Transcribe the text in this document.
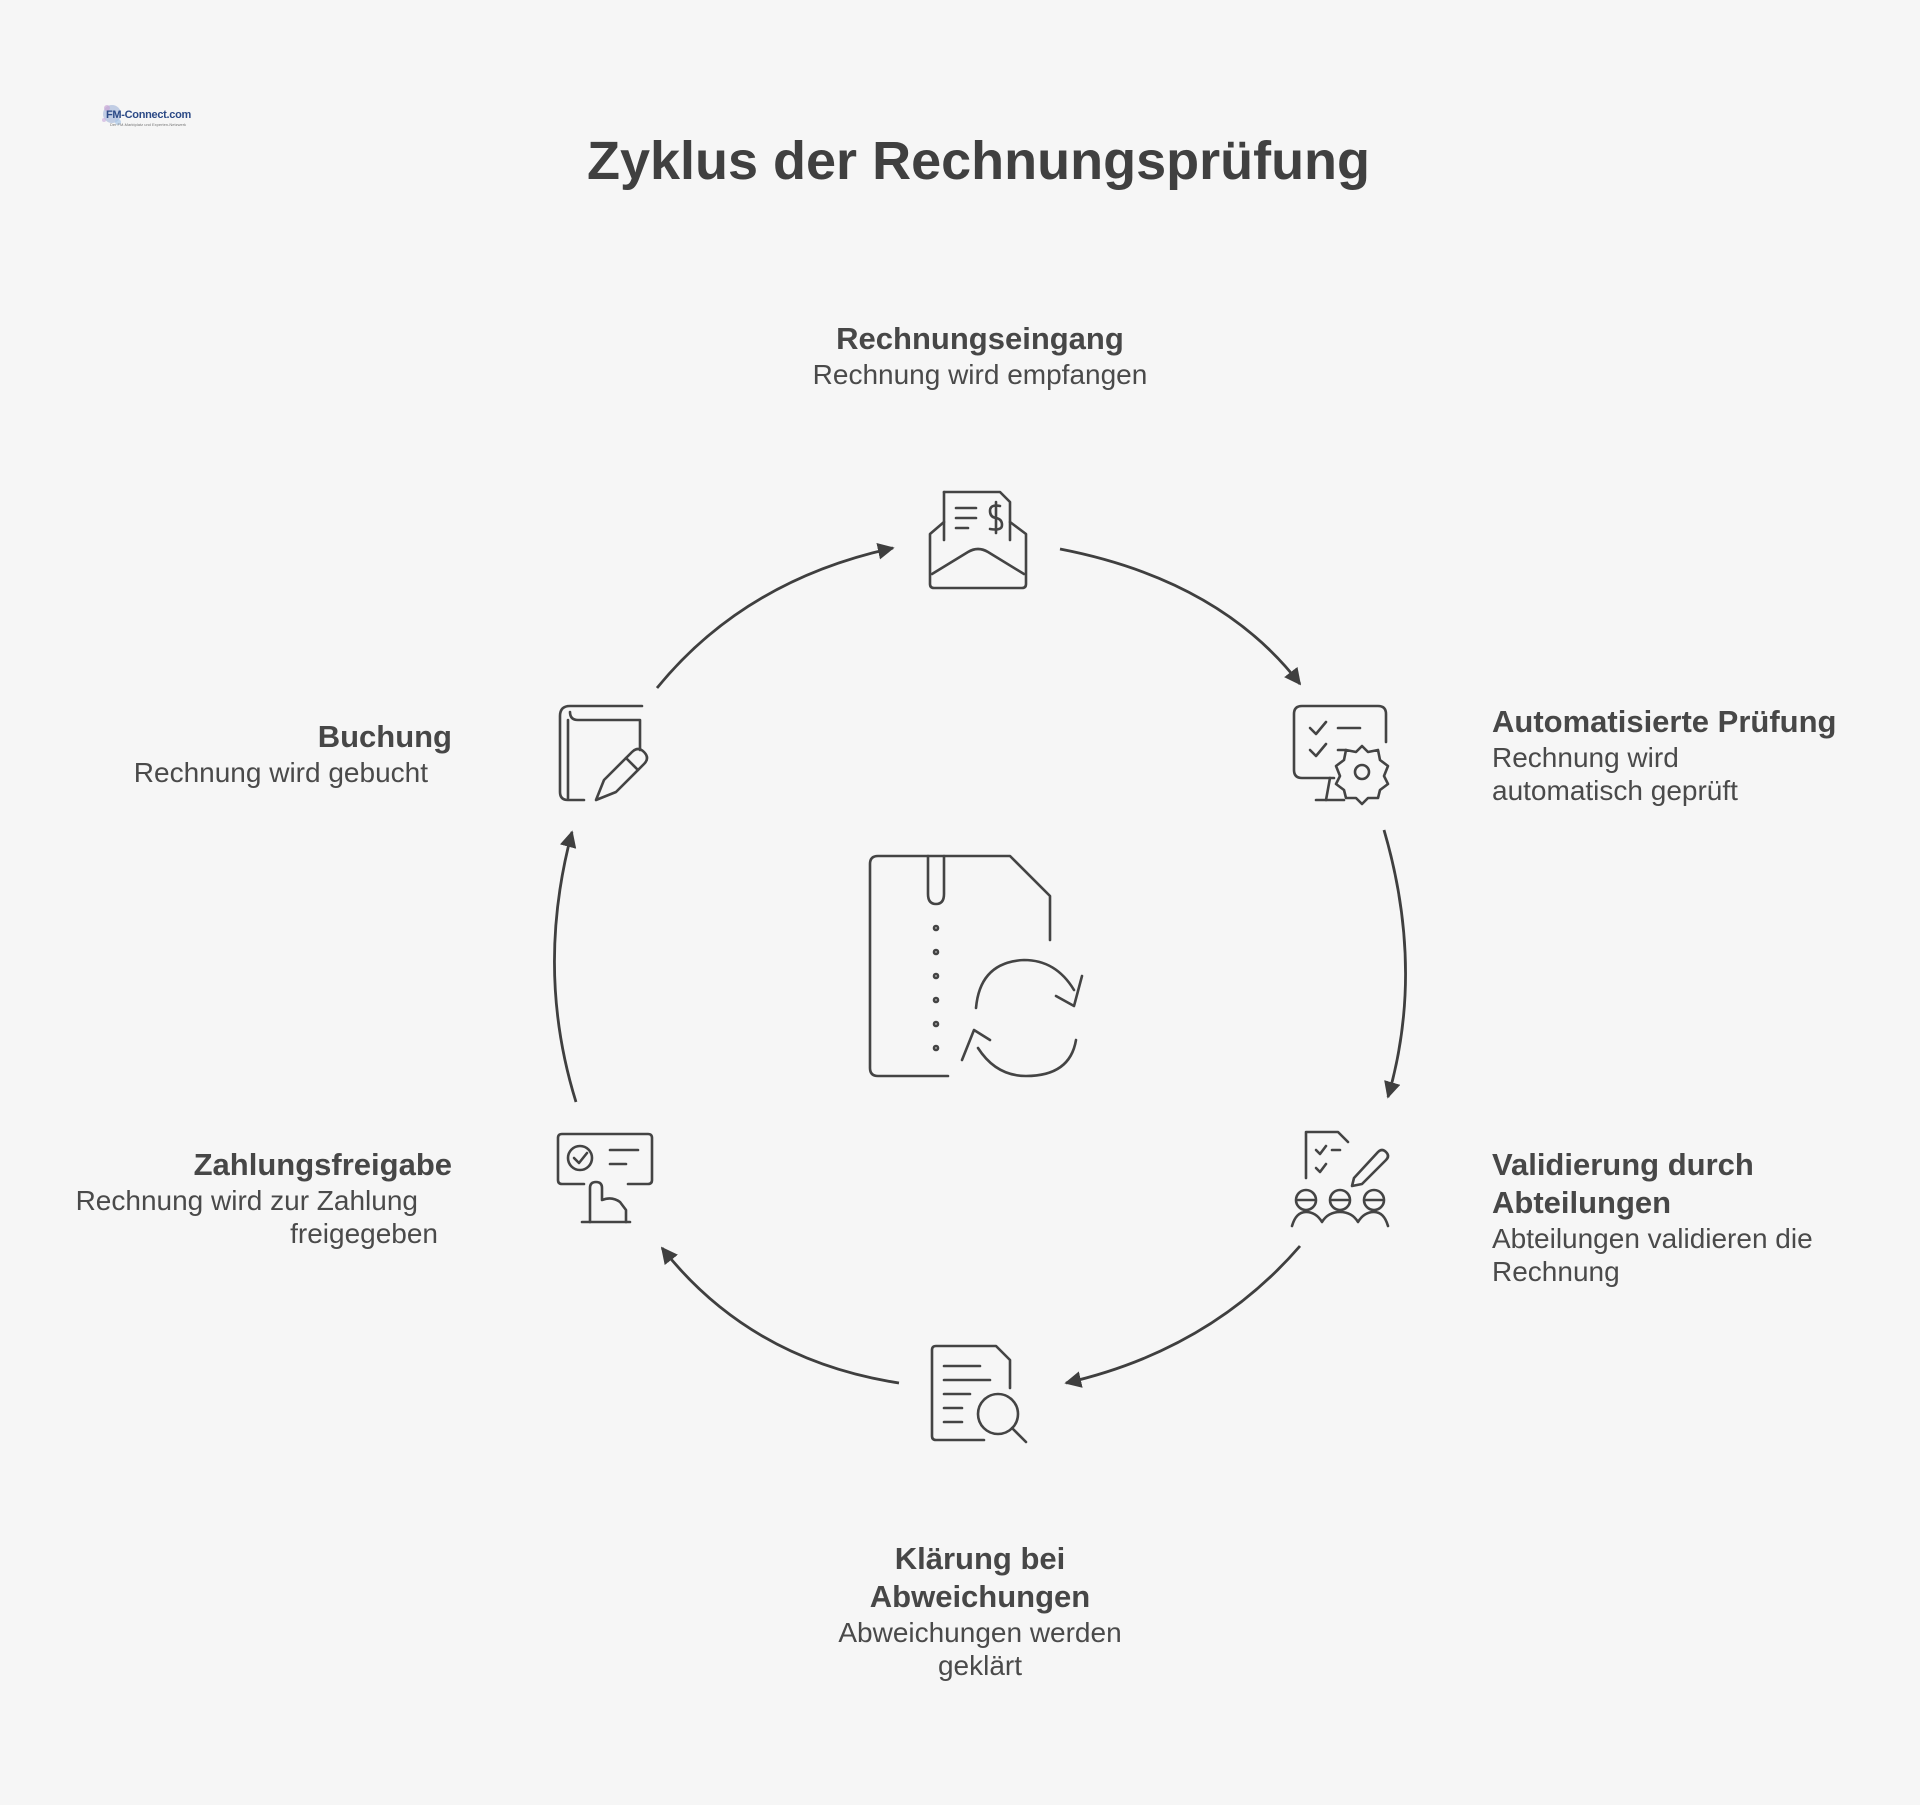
FM-Connect.com
Der FM-Marktplatz und Experten-Netzwerk
Zyklus der Rechnungsprüfung
Rechnungseingang
Rechnung wird empfangen
Automatisierte Prüfung
Rechnung wird
automatisch geprüft
Validierung durch
Abteilungen
Abteilungen validieren die
Rechnung
Klärung bei
Abweichungen
Abweichungen werden
geklärt
Zahlungsfreigabe
Rechnung wird zur Zahlung
freigegeben
Buchung
Rechnung wird gebucht
